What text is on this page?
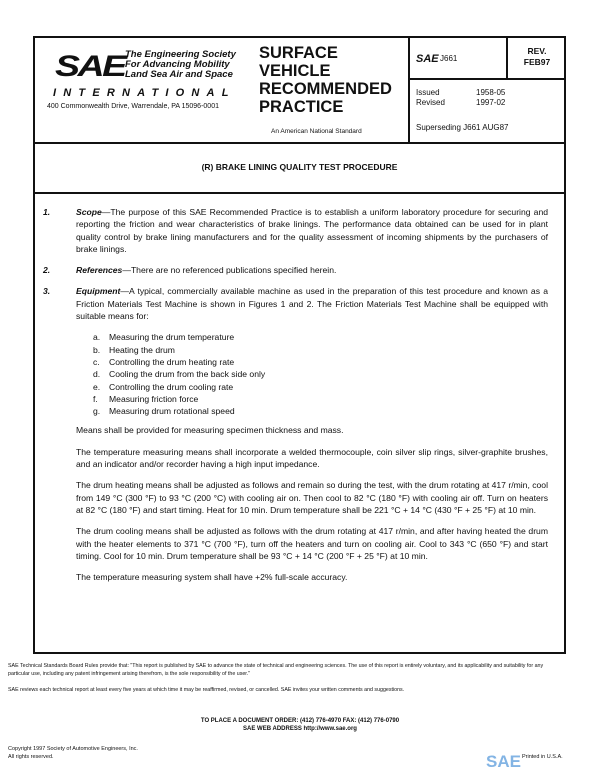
SAE The Engineering Society
For Advancing Mobility
Land Sea Air and Space
INTERNATIONAL
400 Commonwealth Drive, Warrendale, PA 15096-0001
SURFACE
VEHICLE
RECOMMENDED
PRACTICE
An American National Standard
SAE J661
REV.
FEB97
Issued	1958-05
Revised	1997-02
Superseding J661 AUG87
(R) BRAKE LINING QUALITY TEST PROCEDURE
1.	Scope—The purpose of this SAE Recommended Practice is to establish a uniform laboratory procedure for securing and reporting the friction and wear characteristics of brake linings. The performance data obtained can be used for in plant quality control by brake lining manufacturers and for the quality assessment of incoming shipments by the purchasers of brake linings.
2.	References—There are no referenced publications specified herein.
3.	Equipment—A typical, commercially available machine as used in the preparation of this test procedure and known as a Friction Materials Test Machine is shown in Figures 1 and 2. The Friction Materials Test Machine shall be equipped with suitable means for:
a. Measuring the drum temperature
b. Heating the drum
c. Controlling the drum heating rate
d. Cooling the drum from the back side only
e. Controlling the drum cooling rate
f. Measuring friction force
g. Measuring drum rotational speed

Means shall be provided for measuring specimen thickness and mass.

The temperature measuring means shall incorporate a welded thermocouple, coin silver slip rings, silver-graphite brushes, and an indicator and/or recorder having a high input impedance.

The drum heating means shall be adjusted as follows and remain so during the test, with the drum rotating at 417 r/min, cool from 149 °C (300 °F) to 93 °C (200 °C) with cooling air on. Then cool to 82 °C (180 °F) with cooling air off. Turn on heaters at 82 °C (180 °F) and start timing. Heat for 10 min. Drum temperature shall be 221 °C + 14 °C (430 °F + 25 °F) at 10 min.

The drum cooling means shall be adjusted as follows with the drum rotating at 417 r/min, and after having heated the drum with the heater elements to 371 °C (700 °F), turn off the heaters and turn on cooling air. Cool to 343 °C (650 °F) and start timing. Cool for 10 min. Drum temperature shall be 93 °C + 14 °C (200 °F + 25 °F) at 10 min.

The temperature measuring system shall have +2% full-scale accuracy.

SAE Technical Standards Board Rules provide that: "This report is published by SAE to advance the state of technical and engineering sciences. The use of this report is entirely voluntary, and its applicability and suitability for any particular use, including any patent infringement arising therefrom, is the sole responsibility of the user."
SAE reviews each technical report at least every five years at which time it may be reaffirmed, revised, or cancelled. SAE invites your written comments and suggestions.
TO PLACE A DOCUMENT ORDER: (412) 776-4970 FAX: (412) 776-0790
SAE WEB ADDRESS http://www.sae.org
Copyright 1997 Society of Automotive Engineers, Inc.
All rights reserved.	SAE Printed in U.S.A.
